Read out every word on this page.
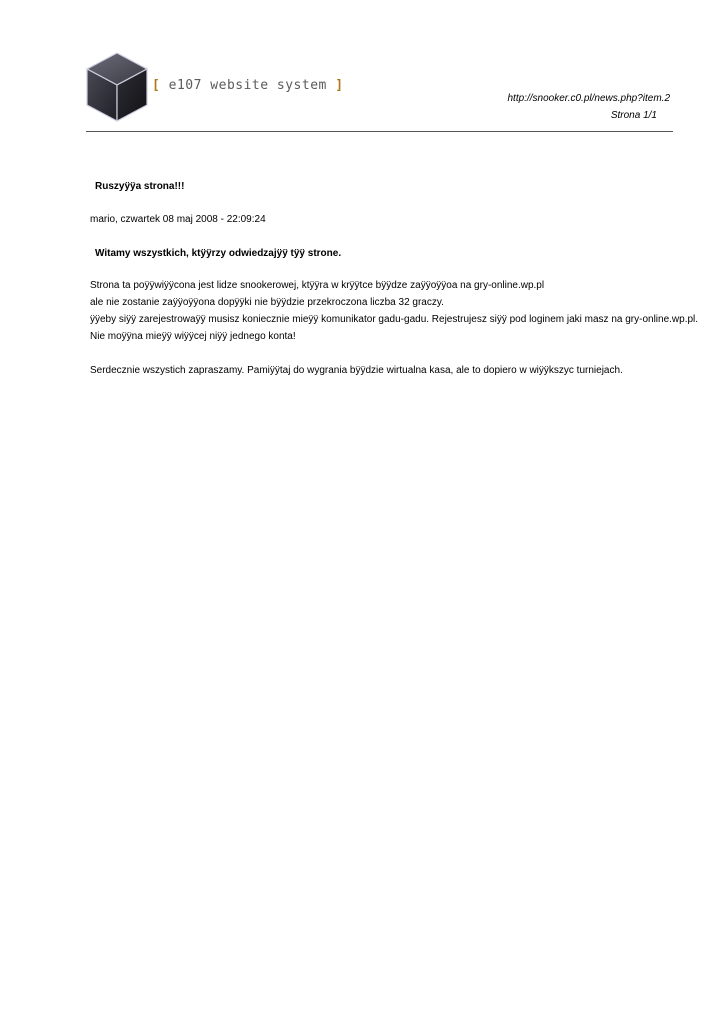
[ e107 website system ]
http://snooker.c0.pl/news.php?item.2
Strona 1/1
Ruszyÿÿa strona!!!
mario, czwartek 08 maj 2008 - 22:09:24
Witamy wszystkich, ktÿÿrzy odwiedzajÿÿ tÿÿ strone.
Strona ta poÿÿwiÿÿcona jest lidze snookerowej, ktÿÿra w krÿÿtce bÿÿdze zaÿÿoÿÿoa na gry-online.wp.pl
ale nie zostanie zaÿÿoÿÿona dopÿÿki nie bÿÿdzie przekroczona liczba 32 graczy.
ÿÿeby siÿÿ zarejestrowaÿÿ musisz koniecznie mieÿÿ komunikator gadu-gadu. Rejestrujesz siÿÿ pod loginem jaki masz na gry-online.wp.pl.
Nie moÿÿna mieÿÿ wiÿÿcej niÿÿ jednego konta!
Serdecznie wszystich zapraszamy. Pamiÿÿtaj do wygrania bÿÿdzie wirtualna kasa, ale to dopiero w wiÿÿkszyc turniejach.
